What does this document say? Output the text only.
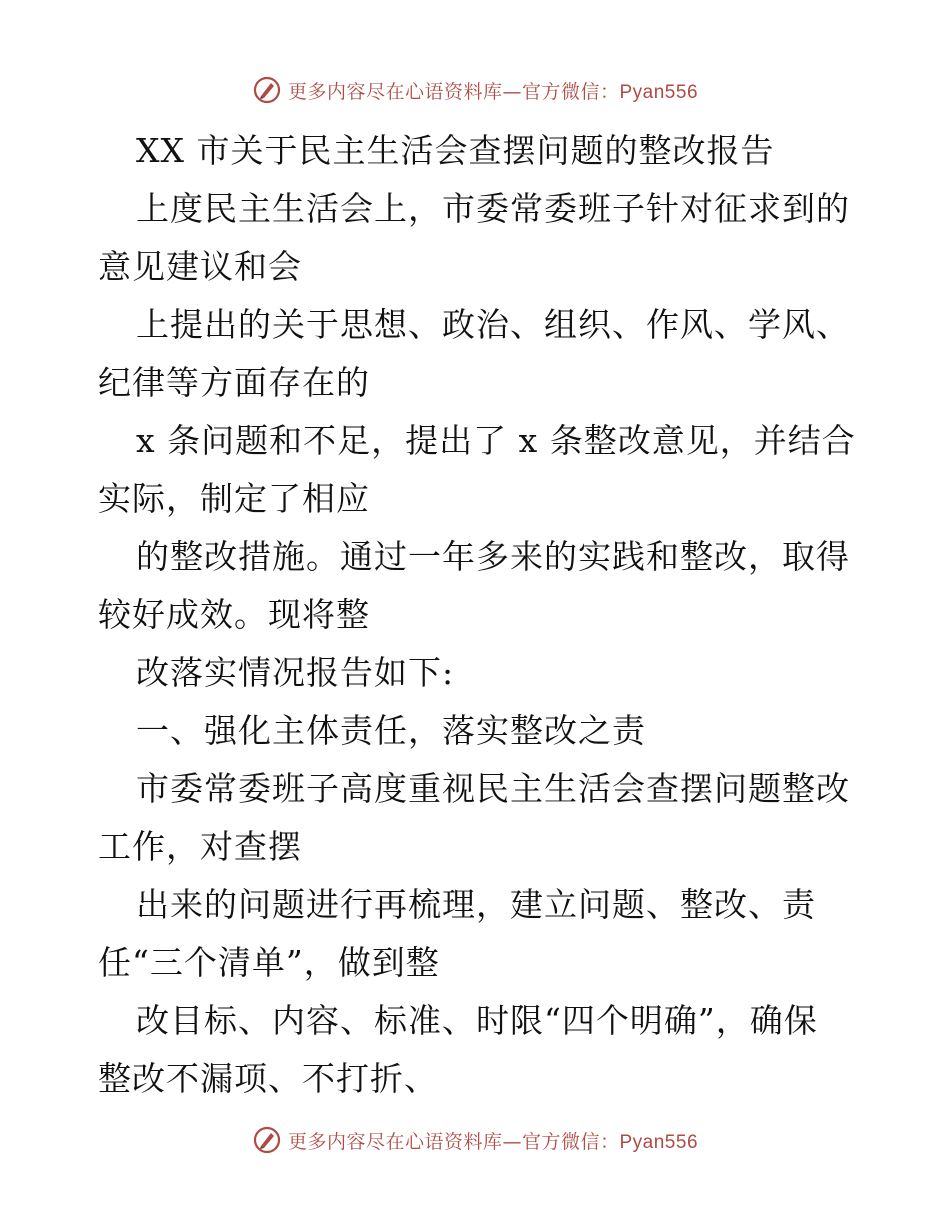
更多内容尽在心语资料库—官方微信：Pyan556
XX 市关于民主生活会查摆问题的整改报告
上度民主生活会上，市委常委班子针对征求到的
意见建议和会
上提出的关于思想、政治、组织、作风、学风、
纪律等方面存在的
x 条问题和不足，提出了 x 条整改意见，并结合
实际，制定了相应
的整改措施。通过一年多来的实践和整改，取得
较好成效。现将整
改落实情况报告如下:
一、强化主体责任，落实整改之责
市委常委班子高度重视民主生活会查摆问题整改
工作，对查摆
出来的问题进行再梳理，建立问题、整改、责
任“三个清单”，做到整
改目标、内容、标准、时限“四个明确”，确保
整改不漏项、不打折、
更多内容尽在心语资料库—官方微信：Pyan556
